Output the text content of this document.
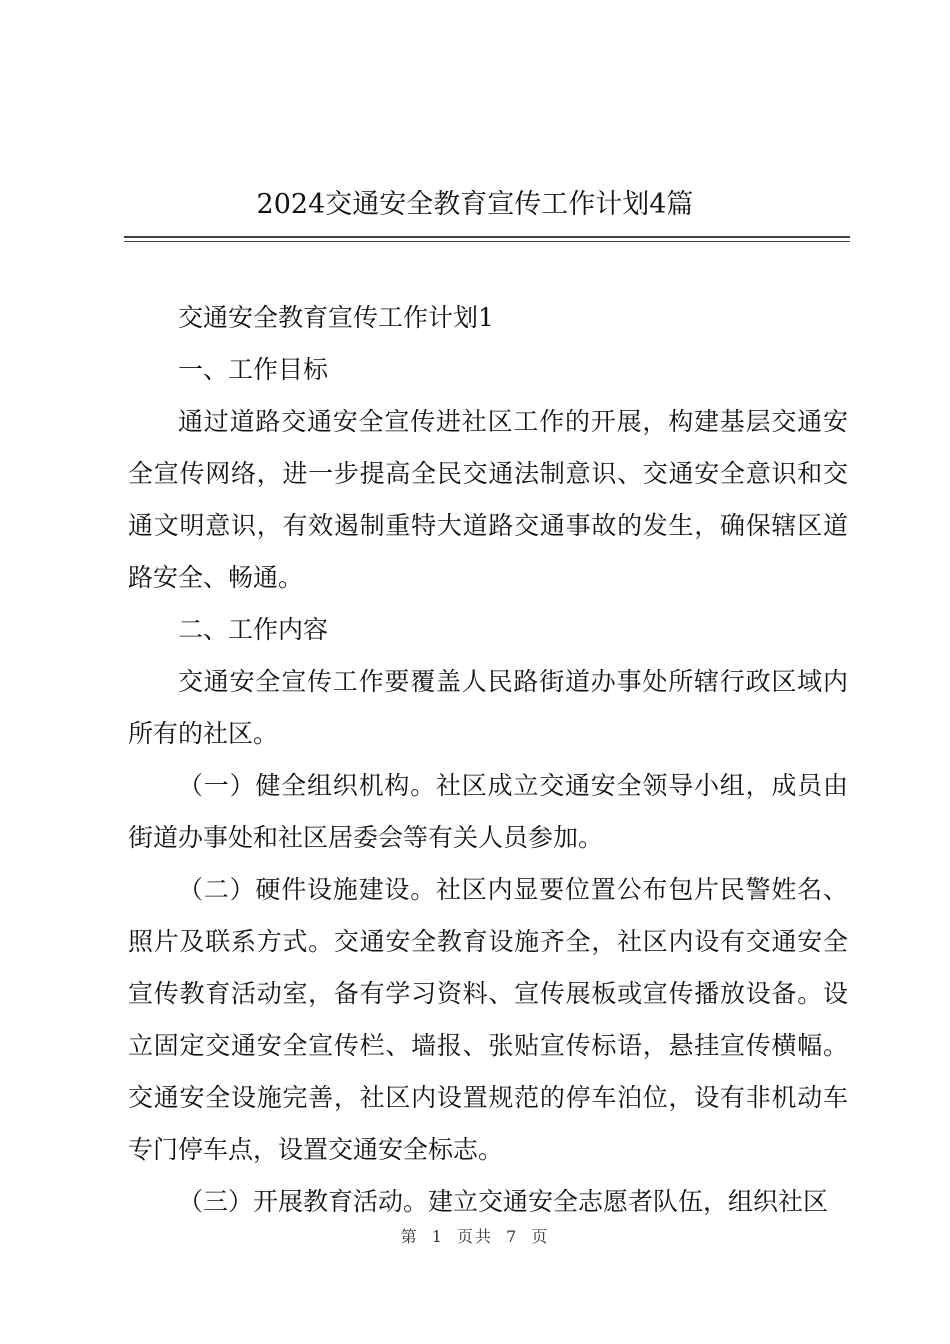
2024交通安全教育宣传工作计划4篇

交通安全教育宣传工作计划1

一、工作目标

通过道路交通安全宣传进社区工作的开展，构建基层交通安全宣传网络，进一步提高全民交通法制意识、交通安全意识和交通文明意识，有效遏制重特大道路交通事故的发生，确保辖区道路安全、畅通。

二、工作内容

交通安全宣传工作要覆盖人民路街道办事处所辖行政区域内所有的社区。

（一）健全组织机构。社区成立交通安全领导小组，成员由街道办事处和社区居委会等有关人员参加。

（二）硬件设施建设。社区内显要位置公布包片民警姓名、照片及联系方式。交通安全教育设施齐全，社区内设有交通安全宣传教育活动室，备有学习资料、宣传展板或宣传播放设备。设立固定交通安全宣传栏、墙报、张贴宣传标语，悬挂宣传横幅。交通安全设施完善，社区内设置规范的停车泊位，设有非机动车专门停车点，设置交通安全标志。

（三）开展教育活动。建立交通安全志愿者队伍，组织社区

第 1 页共 7 页
